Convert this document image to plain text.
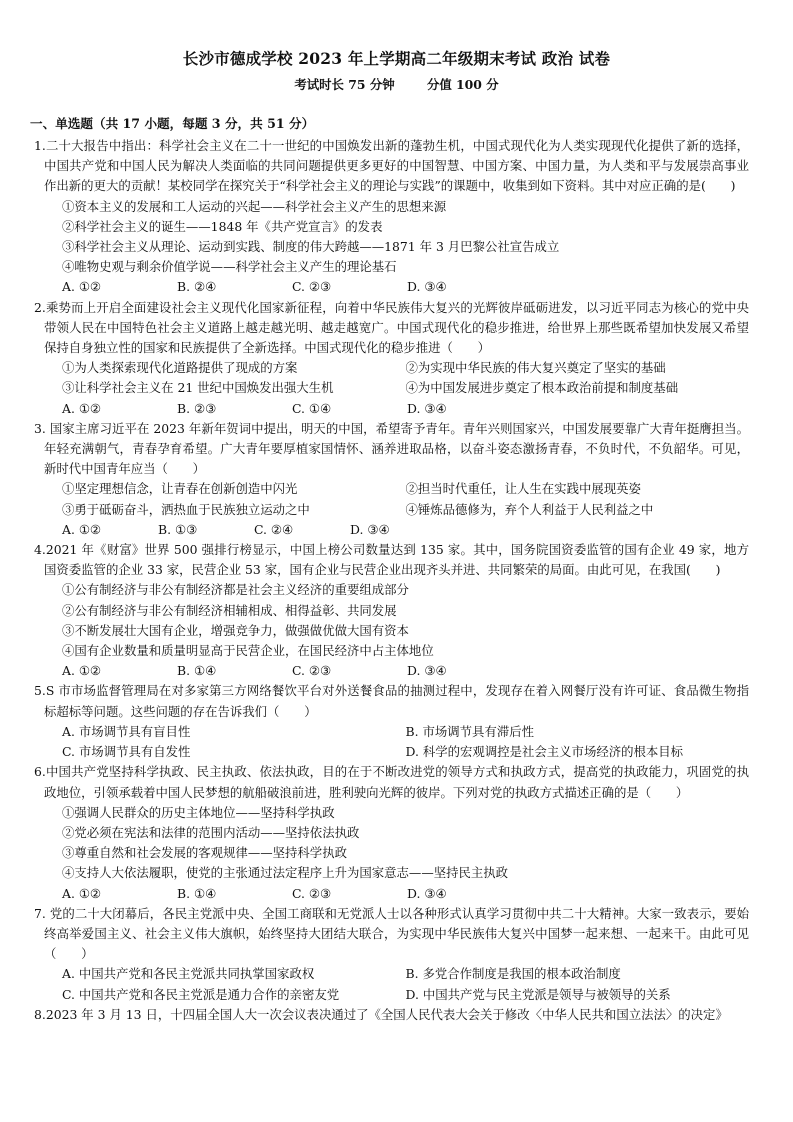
长沙市德成学校 2023 年上学期高二年级期末考试 政治 试卷
考试时长 75 分钟	分值 100 分
一、单选题（共 17 小题，每题 3 分，共 51 分）

1.二十大报告中指出：科学社会主义在二十一世纪的中国焕发出新的蓬勃生机，中国式现代化为人类实现现代化提供了新的选择，中国共产党和中国人民为解决人类面临的共同问题提供更多更好的中国智慧、中国方案、中国力量，为人类和平与发展崇高事业作出新的更大的贡献！某校同学在探究关于“科学社会主义的理论与实践”的课题中，收集到如下资料。其中对应正确的是(　　)

①资本主义的发展和工人运动的兴起——科学社会主义产生的思想来源

②科学社会主义的诞生——1848 年《共产党宣言》的发表

③科学社会主义从理论、运动到实践、制度的伟大跨越——1871 年 3 月巴黎公社宣告成立

④唯物史观与剩余价值学说——科学社会主义产生的理论基石

A. ①②	B. ②④	C. ②③	D. ③④

2.乘势而上开启全面建设社会主义现代化国家新征程，向着中华民族伟大复兴的光辉彼岸砥砺进发，以习近平同志为核心的党中央带领人民在中国特色社会主义道路上越走越光明、越走越宽广。中国式现代化的稳步推进，给世界上那些既希望加快发展又希望保持自身独立性的国家和民族提供了全新选择。中国式现代化的稳步推进（　　）

①为人类探索现代化道路提供了现成的方案	②为实现中华民族的伟大复兴奠定了坚实的基础
③让科学社会主义在 21 世纪中国焕发出强大生机	④为中国发展进步奠定了根本政治前提和制度基础
A. ①②	B. ②③	C. ①④	D. ③④

3. 国家主席习近平在 2023 年新年贺词中提出，明天的中国，希望寄予青年。青年兴则国家兴，中国发展要靠广大青年挺膺担当。年轻充满朝气，青春孕育希望。广大青年要厚植家国情怀、涵养进取品格，以奋斗姿态激扬青春，不负时代，不负韶华。可见，新时代中国青年应当（　　）

①坚定理想信念，让青春在创新创造中闪光	②担当时代重任，让人生在实践中展现英姿
③勇于砥砺奋斗，洒热血于民族独立运动之中	④锤炼品德修为，弃个人利益于人民利益之中
A. ①②	B. ①③	C. ②④	D. ③④

4.2021 年《财富》世界 500 强排行榜显示，中国上榜公司数量达到 135 家。其中，国务院国资委监管的国有企业 49 家，地方国资委监管的企业 33 家，民营企业 53 家，国有企业与民营企业出现齐头并进、共同繁荣的局面。由此可见，在我国(　　)

①公有制经济与非公有制经济都是社会主义经济的重要组成部分

②公有制经济与非公有制经济相辅相成、相得益彰、共同发展

③不断发展壮大国有企业，增强竞争力，做强做优做大国有资本

④国有企业数量和质量明显高于民营企业，在国民经济中占主体地位

A. ①②	B. ①④	C. ②③	D. ③④

5.S 市市场监督管理局在对多家第三方网络餐饮平台对外送餐食品的抽测过程中，发现存在着入网餐厅没有许可证、食品微生物指标超标等问题。这些问题的存在告诉我们（　　）

A. 市场调节具有盲目性	B. 市场调节具有滞后性
C. 市场调节具有自发性	D. 科学的宏观调控是社会主义市场经济的根本目标

6.中国共产党坚持科学执政、民主执政、依法执政，目的在于不断改进党的领导方式和执政方式，提高党的执政能力，巩固党的执政地位，引领承载着中国人民梦想的航船破浪前进，胜利驶向光辉的彼岸。下列对党的执政方式描述正确的是（　　）

①强调人民群众的历史主体地位——坚持科学执政

②党必须在宪法和法律的范围内活动——坚持依法执政

③尊重自然和社会发展的客观规律——坚持科学执政

④支持人大依法履职，使党的主张通过法定程序上升为国家意志——坚持民主执政

A. ①②	B. ①④	C. ②③	D. ③④

7. 党的二十大闭幕后，各民主党派中央、全国工商联和无党派人士以各种形式认真学习贯彻中共二十大精神。大家一致表示，要始终高举爱国主义、社会主义伟大旗帜，始终坚持大团结大联合，为实现中华民族伟大复兴中国梦一起来想、一起来干。由此可见（　　）

A. 中国共产党和各民主党派共同执掌国家政权	B. 多党合作制度是我国的根本政治制度
C. 中国共产党和各民主党派是通力合作的亲密友党	D. 中国共产党与民主党派是领导与被领导的关系

8.2023 年 3 月 13 日，十四届全国人大一次会议表决通过了《全国人民代表大会关于修改〈中华人民共和国立法法〉的决定》
